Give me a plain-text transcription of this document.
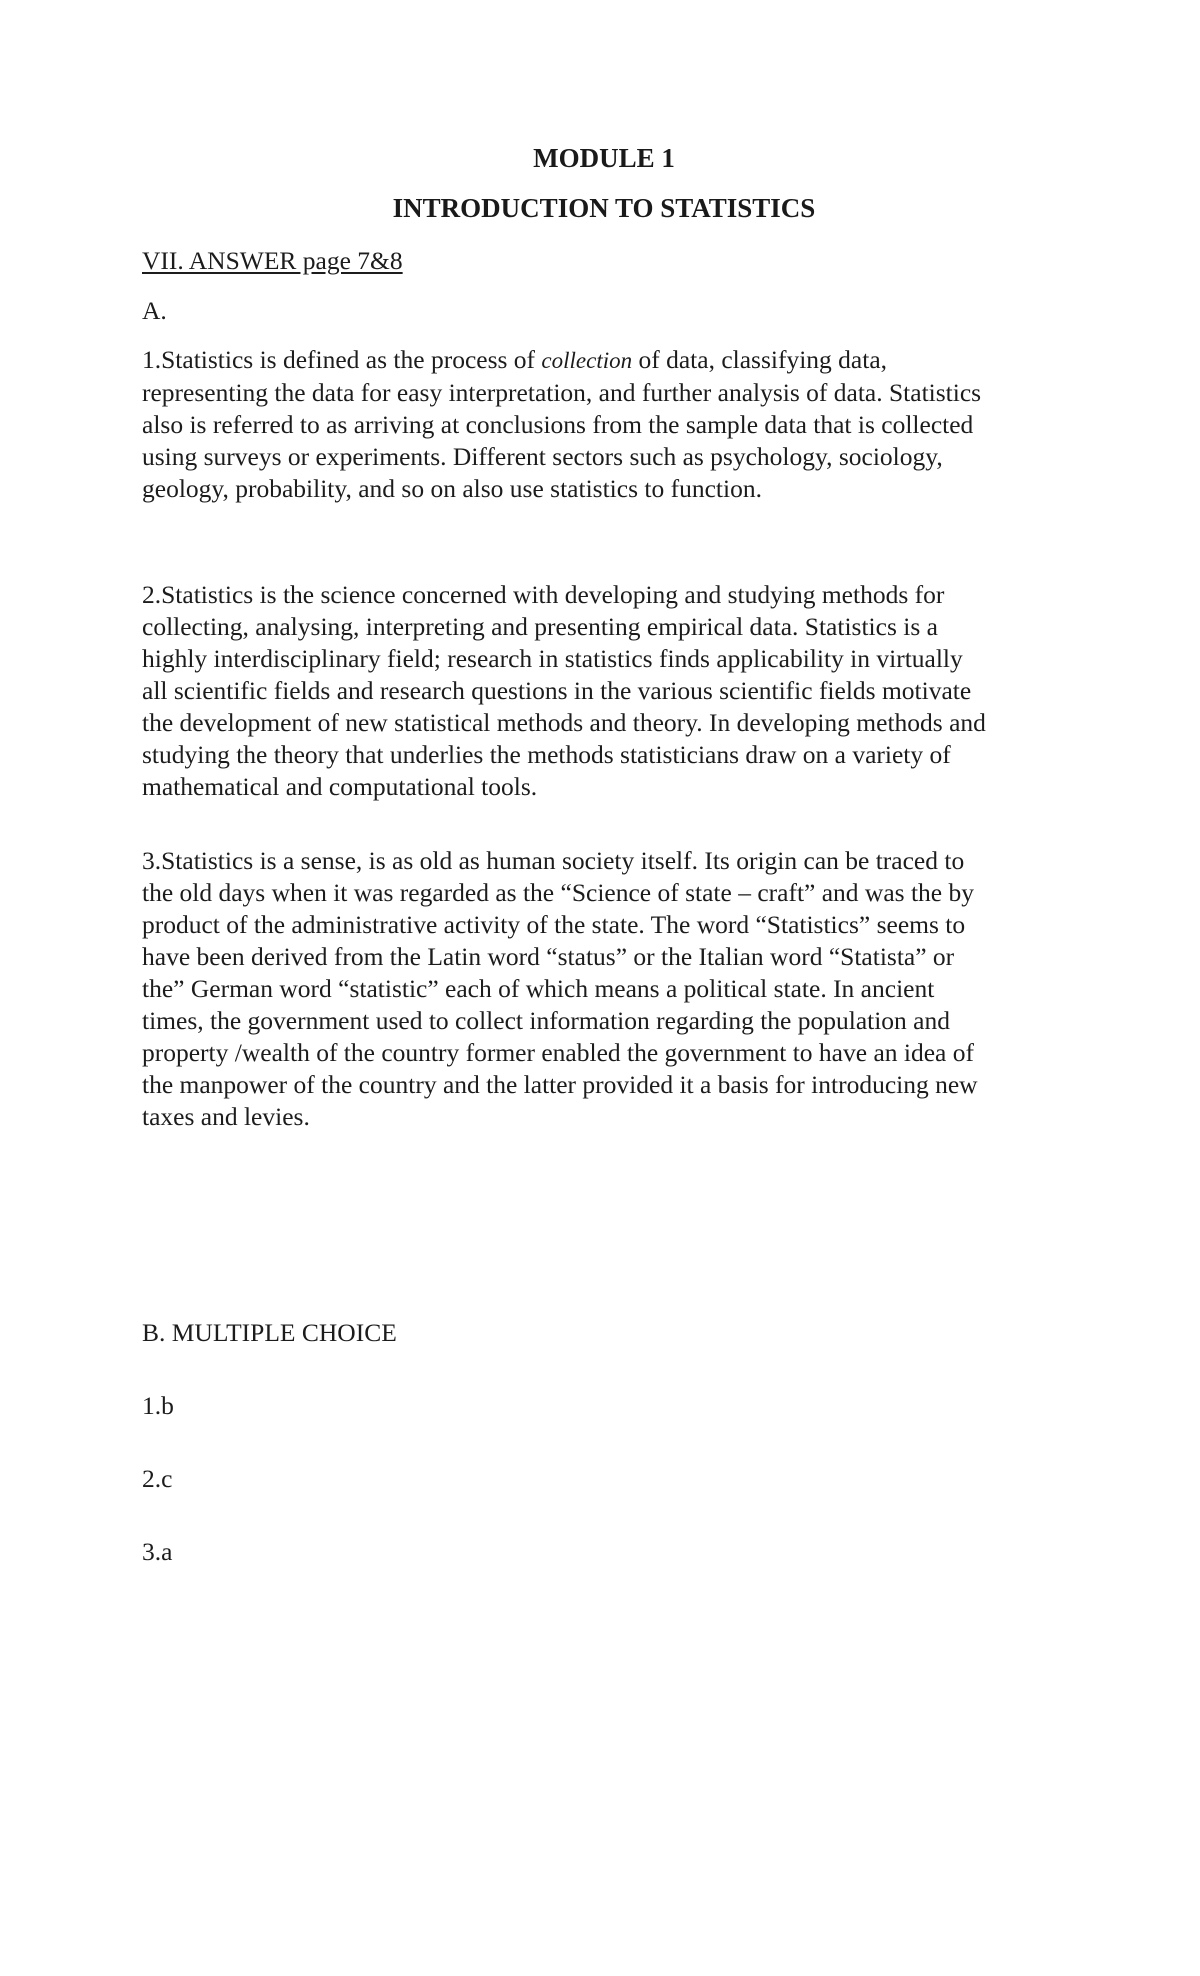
MODULE 1
INTRODUCTION TO STATISTICS
VII. ANSWER page 7&8
A.
1.Statistics is defined as the process of collection of data, classifying data,
representing the data for easy interpretation, and further analysis of data. Statistics
also is referred to as arriving at conclusions from the sample data that is collected
using surveys or experiments. Different sectors such as psychology, sociology,
geology, probability, and so on also use statistics to function.
2.Statistics is the science concerned with developing and studying methods for
collecting, analysing, interpreting and presenting empirical data. Statistics is a
highly interdisciplinary field; research in statistics finds applicability in virtually
all scientific fields and research questions in the various scientific fields motivate
the development of new statistical methods and theory. In developing methods and
studying the theory that underlies the methods statisticians draw on a variety of
mathematical and computational tools.
3.Statistics is a sense, is as old as human society itself. Its origin can be traced to
the old days when it was regarded as the “Science of state – craft” and was the by
product of the administrative activity of the state. The word “Statistics” seems to
have been derived from the Latin word “status” or the Italian word “Statista” or
the” German word “statistic” each of which means a political state. In ancient
times, the government used to collect information regarding the population and
property /wealth of the country former enabled the government to have an idea of
the manpower of the country and the latter provided it a basis for introducing new
taxes and levies.
B. MULTIPLE CHOICE
1.b
2.c
3.a
